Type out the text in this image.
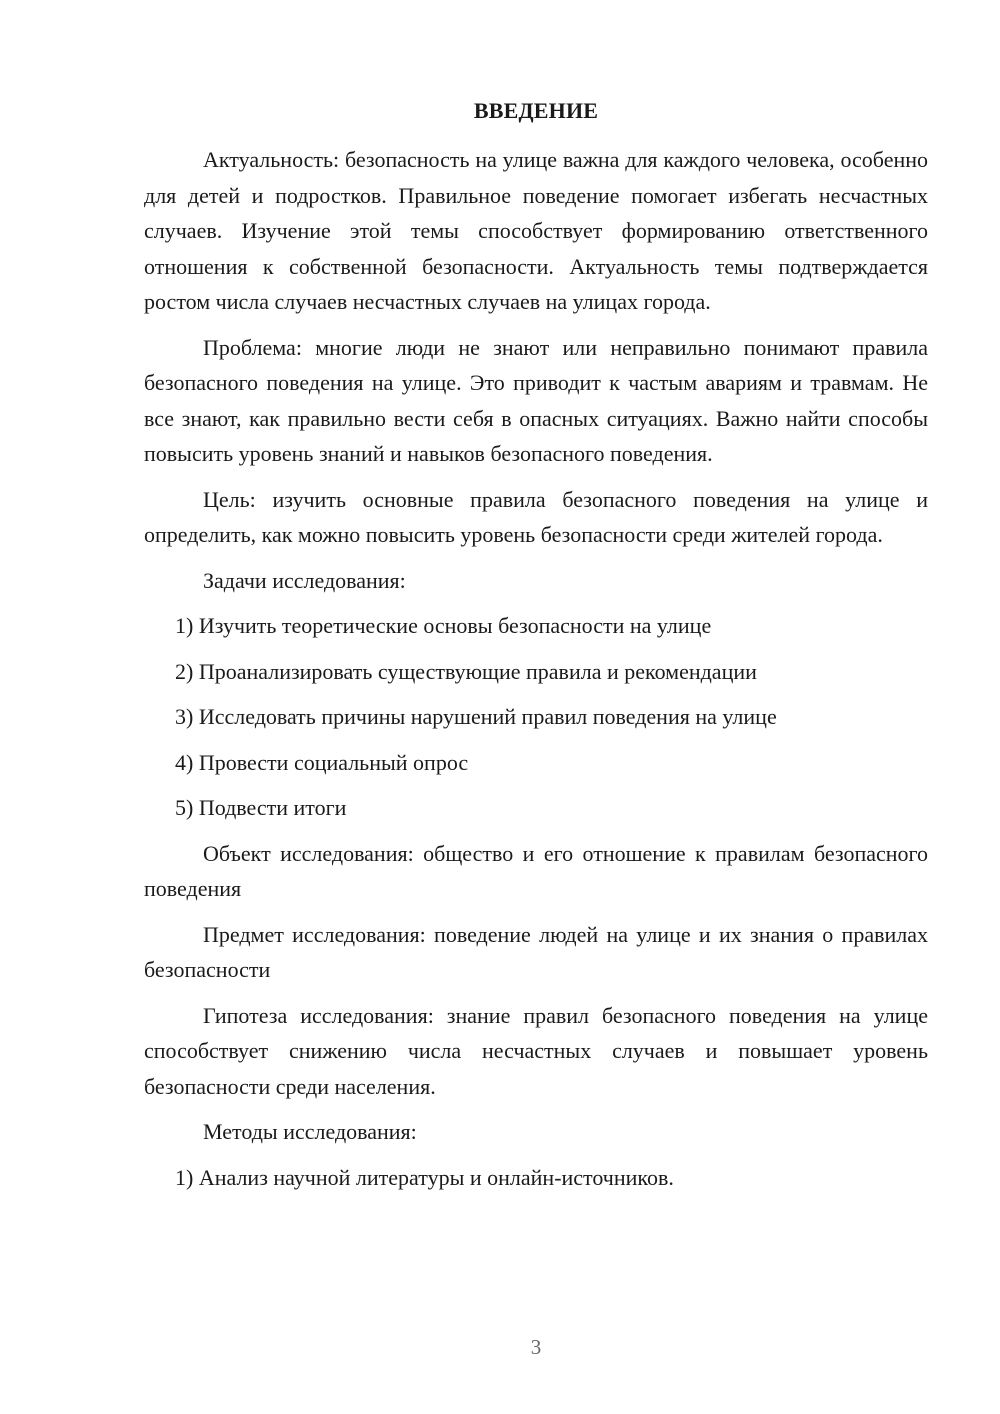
ВВЕДЕНИЕ

Актуальность: безопасность на улице важна для каждого человека, особенно для детей и подростков. Правильное поведение помогает избегать несчастных случаев. Изучение этой темы способствует формированию ответственного отношения к собственной безопасности. Актуальность темы подтверждается ростом числа случаев несчастных случаев на улицах города.

Проблема: многие люди не знают или неправильно понимают правила безопасного поведения на улице. Это приводит к частым авариям и травмам. Не все знают, как правильно вести себя в опасных ситуациях. Важно найти способы повысить уровень знаний и навыков безопасного поведения.

Цель: изучить основные правила безопасного поведения на улице и определить, как можно повысить уровень безопасности среди жителей города.

Задачи исследования:

1) Изучить теоретические основы безопасности на улице

2) Проанализировать существующие правила и рекомендации

3) Исследовать причины нарушений правил поведения на улице

4) Провести социальный опрос

5) Подвести итоги

Объект исследования: общество и его отношение к правилам безопасного поведения

Предмет исследования: поведение людей на улице и их знания о правилах безопасности

Гипотеза исследования: знание правил безопасного поведения на улице способствует снижению числа несчастных случаев и повышает уровень безопасности среди населения.

Методы исследования:

1) Анализ научной литературы и онлайн-источников.

3
